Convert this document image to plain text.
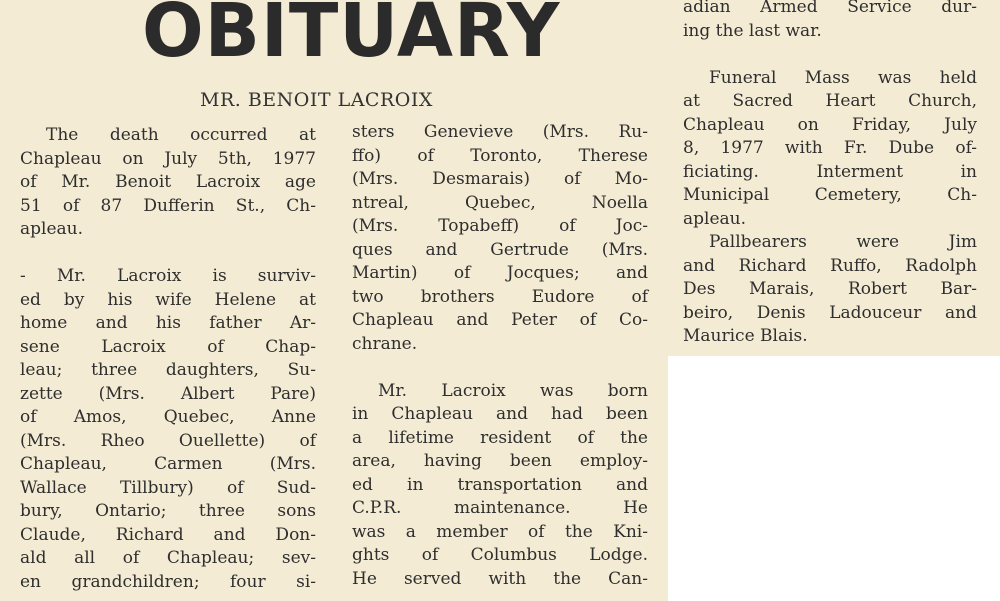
OBITUARY
MR. BENOIT LACROIX
The death occurred at
Chapleau on July 5th, 1977
of Mr. Benoit Lacroix age
51 of 87 Dufferin St., Ch-
apleau.
- Mr. Lacroix is surviv-
ed by his wife Helene at
home and his father Ar-
sene Lacroix of Chap-
leau; three daughters, Su-
zette (Mrs. Albert Pare)
of Amos, Quebec, Anne
(Mrs. Rheo Ouellette) of
Chapleau, Carmen (Mrs.
Wallace Tillbury) of Sud-
bury, Ontario; three sons
Claude, Richard and Don-
ald all of Chapleau; sev-
en grandchildren; four si-
sters Genevieve (Mrs. Ru-
ffo) of Toronto, Therese
(Mrs. Desmarais) of Mo-
ntreal, Quebec, Noella
(Mrs. Topabeff) of Joc-
ques and Gertrude (Mrs.
Martin) of Jocques; and
two brothers Eudore of
Chapleau and Peter of Co-
chrane.
Mr. Lacroix was born
in Chapleau and had been
a lifetime resident of the
area, having been employ-
ed in transportation and
C.P.R. maintenance. He
was a member of the Kni-
ghts of Columbus Lodge.
He served with the Can-
adian Armed Service dur-
ing the last war.
Funeral Mass was held
at Sacred Heart Church,
Chapleau on Friday, July
8, 1977 with Fr. Dube of-
ficiating. Interment in
Municipal Cemetery, Ch-
apleau.
Pallbearers were Jim
and Richard Ruffo, Radolph
Des Marais, Robert Bar-
beiro, Denis Ladouceur and
Maurice Blais.
